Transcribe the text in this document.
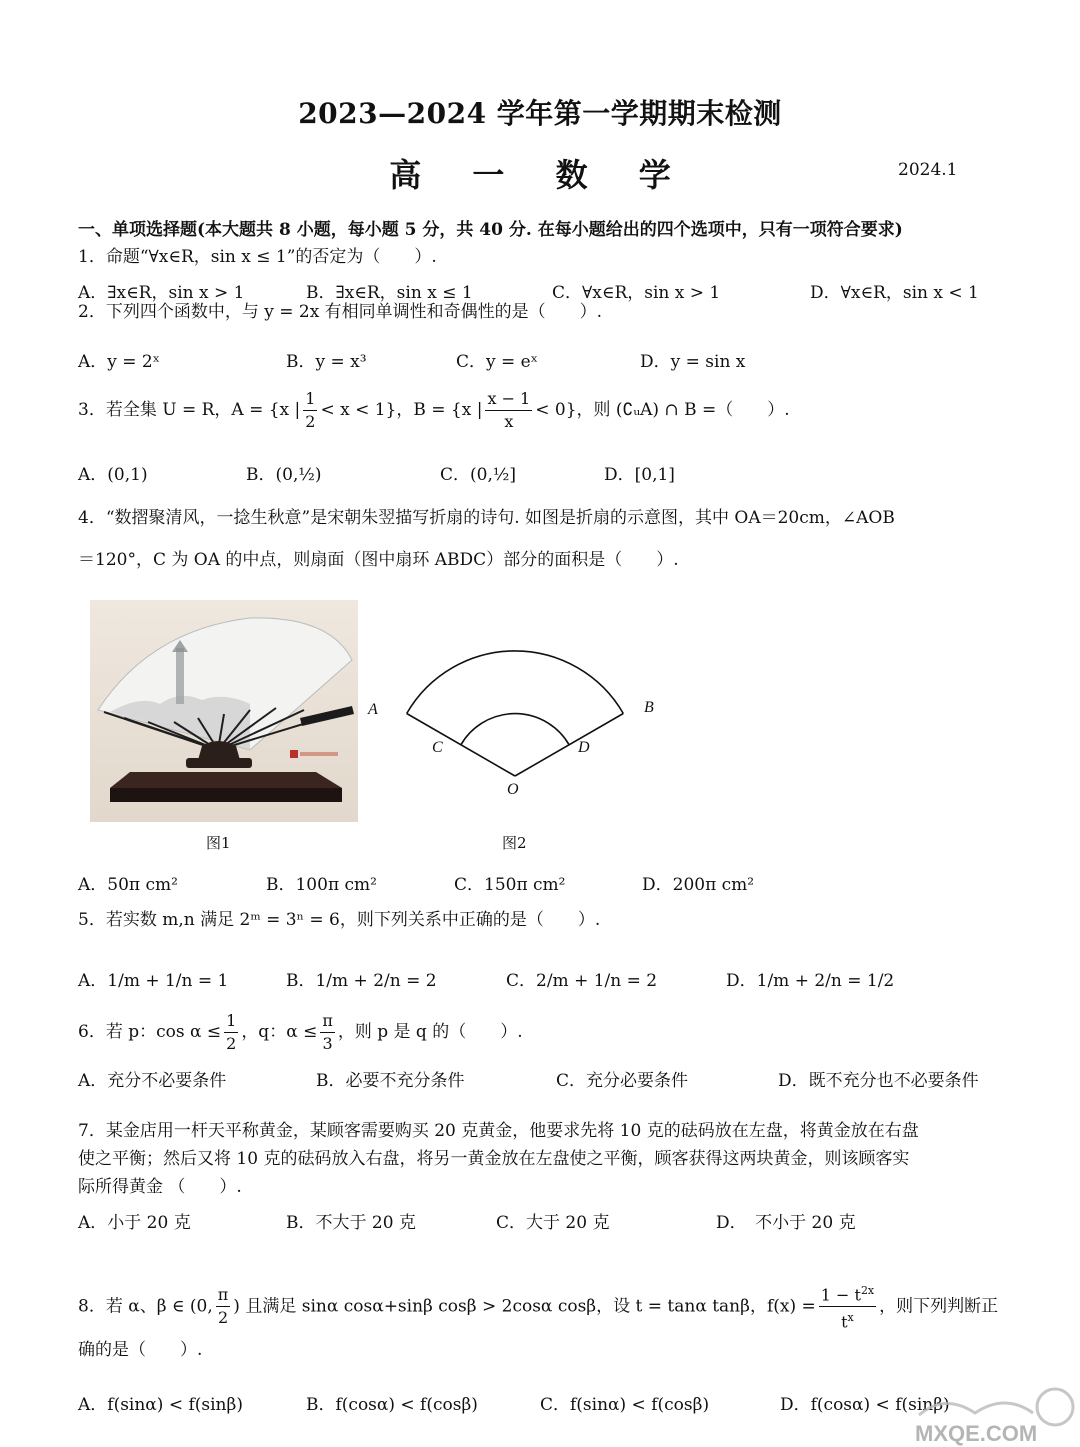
2023—2024 学年第一学期期末检测
高 一 数 学	2024.1
一、单项选择题(本大题共 8 小题，每小题 5 分，共 40 分. 在每小题给出的四个选项中，只有一项符合要求)
1．命题“∀x∈R，sin x ≤ 1”的否定为（　　）.
A．∃x∈R，sin x > 1	B．∃x∈R，sin x ≤ 1	C．∀x∈R，sin x > 1	D．∀x∈R，sin x < 1
2．下列四个函数中，与 y = 2x 有相同单调性和奇偶性的是（　　）.
A．y = 2ˣ	B．y = x³	C．y = eˣ	D．y = sin x
3．若全集 U = R，A = {x | $\frac{1}{2} < x < 1$}，B = {x | $\frac{x - 1}{x} < 0$}，则 (∁ᵤA) ∩ B =（　　）.
A．(0,1)	B．(0,½)	C．(0,½]	D．[0,1]
4．“数摺聚清风，一捻生秋意”是宋朝朱翌描写折扇的诗句. 如图是折扇的示意图，其中 OA＝20cm，∠AOB
＝120°，C 为 OA 的中点，则扇面（图中扇环 ABDC）部分的面积是（　　）.
A	B
C	D
O
图1	图2
A．50π cm²	B．100π cm²	C．150π cm²	D．200π cm²
5．若实数 m,n 满足 2ᵐ = 3ⁿ = 6，则下列关系中正确的是（　　）.
A．1/m + 1/n = 1	B．1/m + 2/n = 2	C．2/m + 1/n = 2	D．1/m + 2/n = 1/2
6．若 p：$\cos \alpha \le \frac{1}{2}$ ，q：$\alpha \le \frac{\pi}{3}$ ，则 p 是 q 的（　　）.
A．充分不必要条件	B．必要不充分条件	C．充分必要条件	D．既不充分也不必要条件
7．某金店用一杆天平称黄金，某顾客需要购买 20 克黄金，他要求先将 10 克的砝码放在左盘，将黄金放在右盘
使之平衡；然后又将 10 克的砝码放入右盘，将另一黄金放在左盘使之平衡，顾客获得这两块黄金，则该顾客实
际所得黄金 （　　）.
A．小于 20 克	B．不大于 20 克	C．大于 20 克	D．　不小于 20 克
8．若 α、β ∈ (0, $\frac{\pi}{2}$ ) 且满足 sinα cosα+sinβ cosβ > 2cosα cosβ，设 t = tanα tanβ，$f(x) = \frac{1 - t^{2x}}{t^x}$ ，则下列判断正
确的是（　　）.
A．f(sinα) < f(sinβ)	B．f(cosα) < f(cosβ)	C．f(sinα) < f(cosβ)	D．f(cosα) < f(sinβ)
MXQE.COM
